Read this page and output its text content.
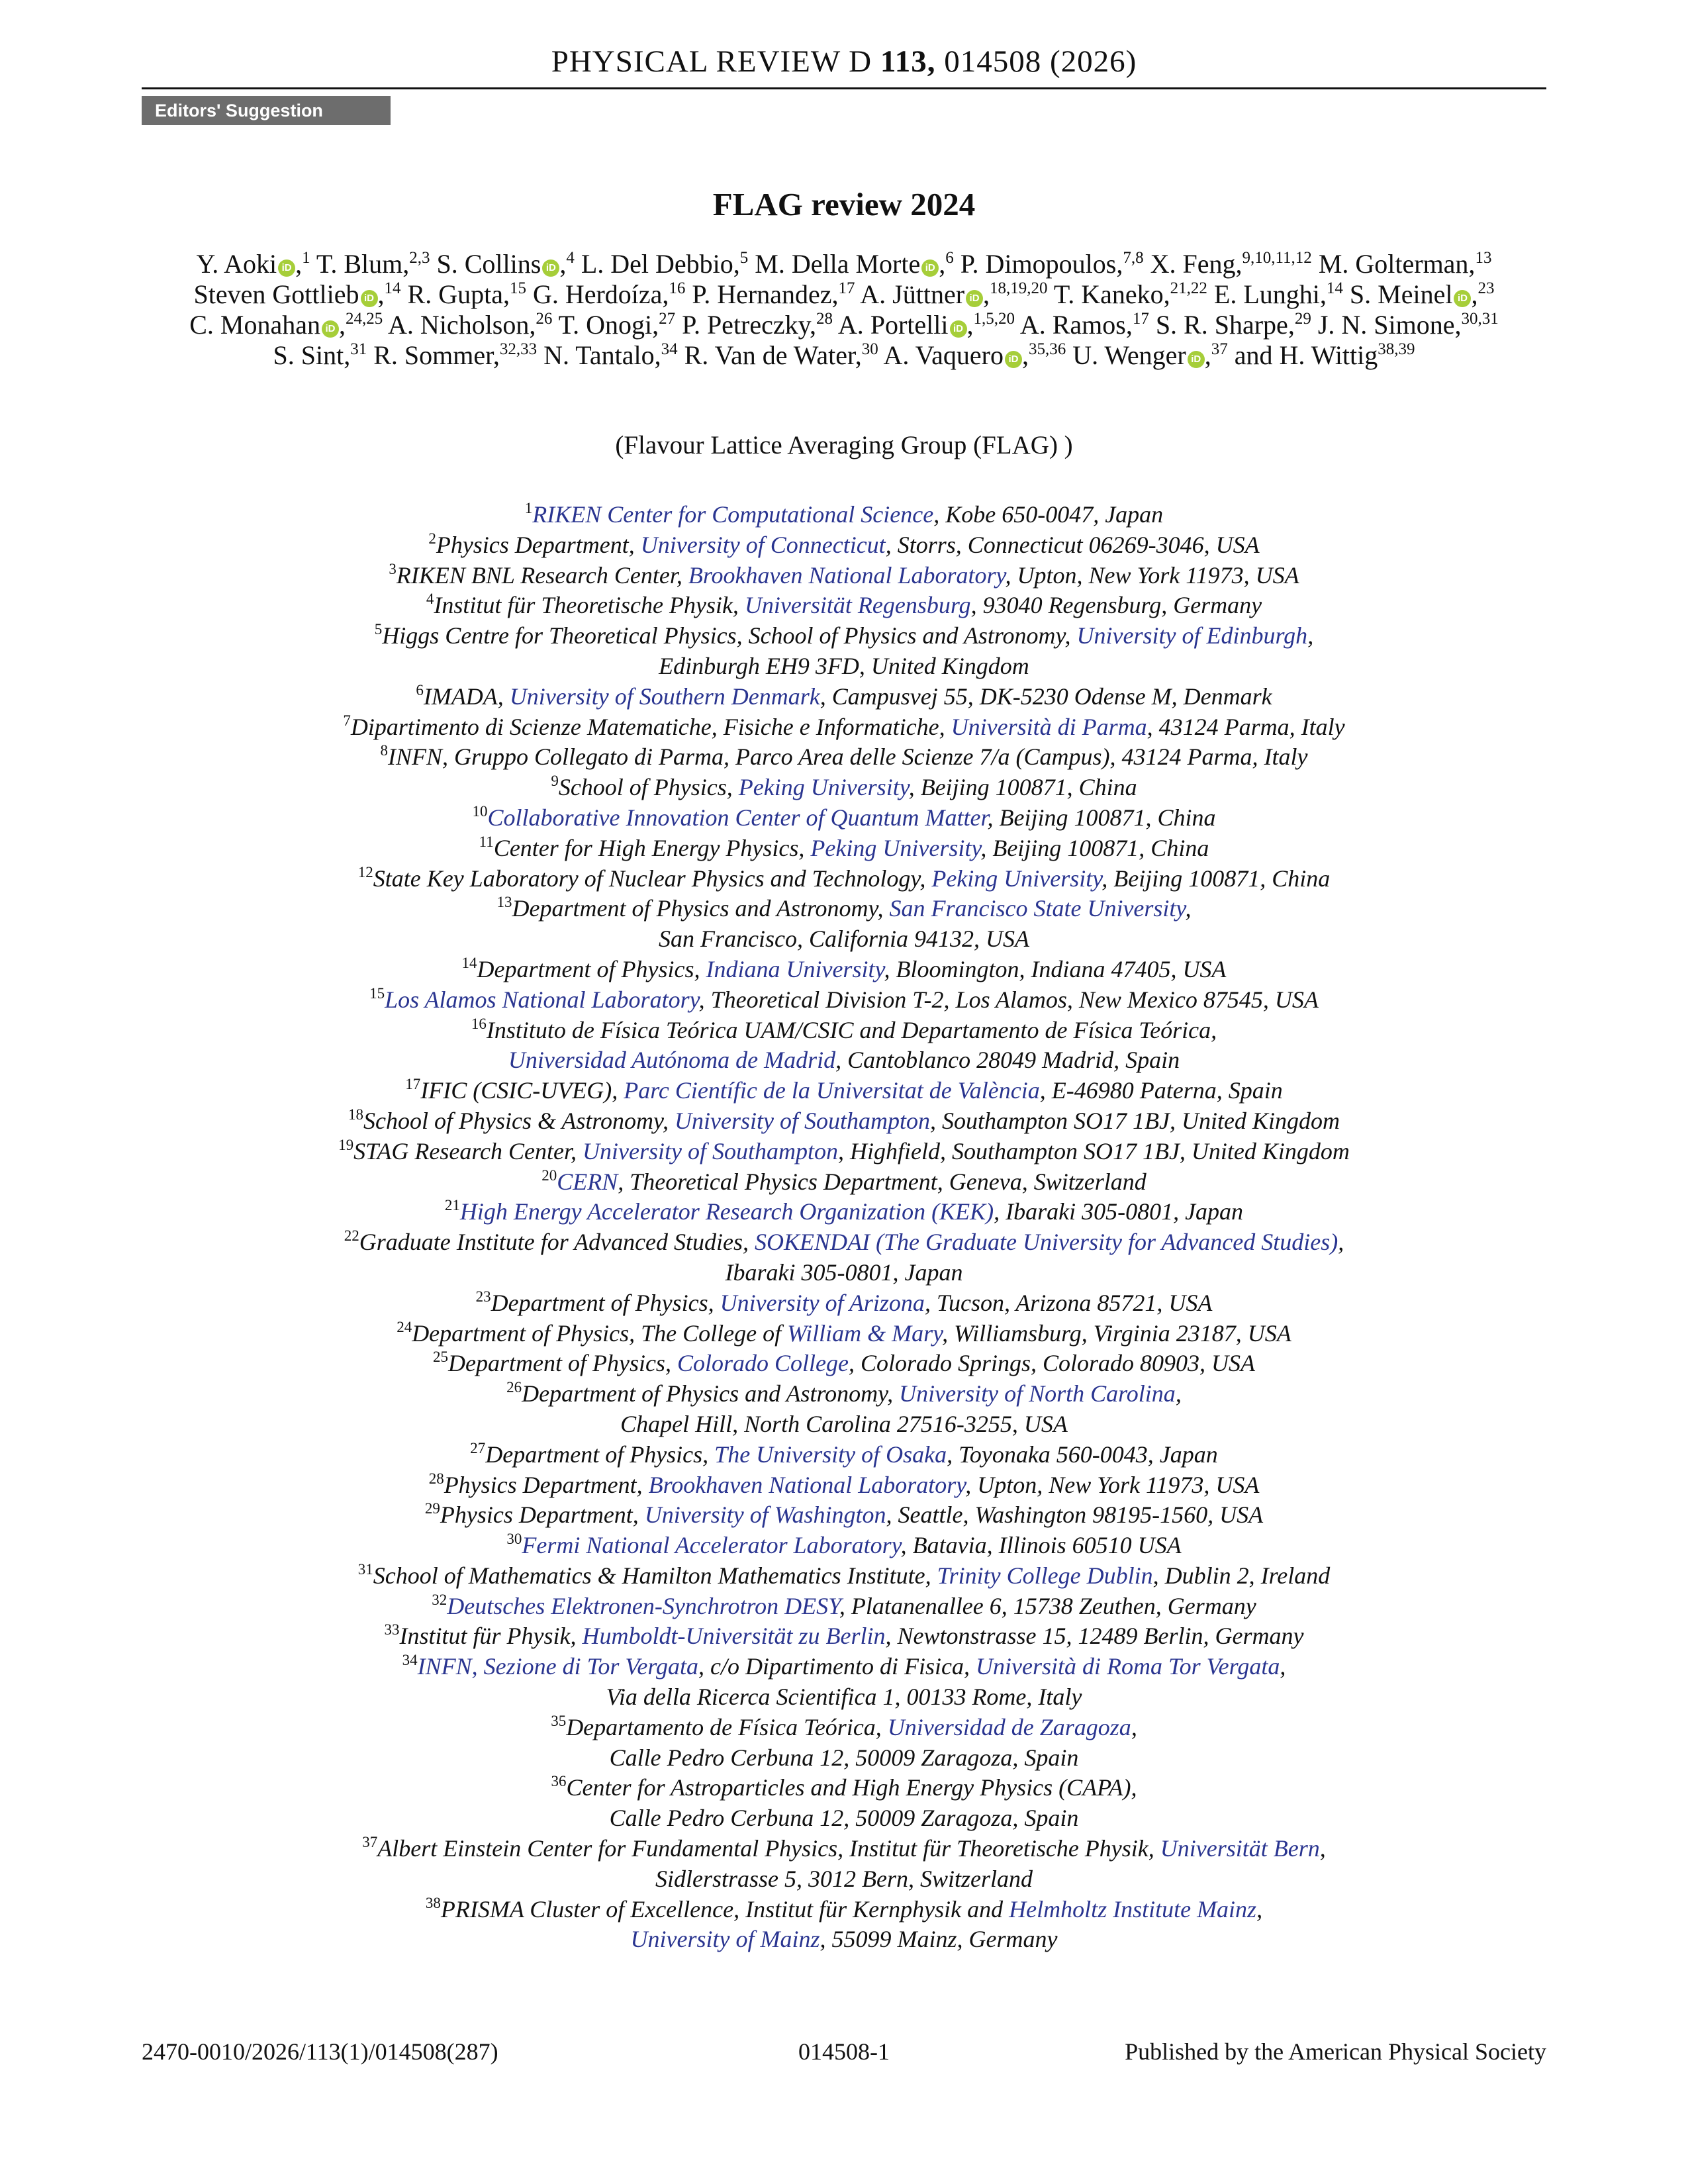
PHYSICAL REVIEW D 113, 014508 (2026)
Editors' Suggestion
FLAG review 2024
Y. Aoki iD ,$^1$ T. Blum,$^{2,3}$ S. Collins iD ,$^4$ L. Del Debbio,$^5$ M. Della Morte iD ,$^6$ P. Dimopoulos,$^{7,8}$ X. Feng,$^{9,10,11,12}$ M. Golterman,$^{13}$
Steven Gottlieb iD ,$^{14}$ R. Gupta,$^{15}$ G. Herdoíza,$^{16}$ P. Hernandez,$^{17}$ A. Jüttner iD ,$^{18,19,20}$ T. Kaneko,$^{21,22}$ E. Lunghi,$^{14}$ S. Meinel iD ,$^{23}$
C. Monahan iD ,$^{24,25}$ A. Nicholson,$^{26}$ T. Onogi,$^{27}$ P. Petreczky,$^{28}$ A. Portelli iD ,$^{1,5,20}$ A. Ramos,$^{17}$ S. R. Sharpe,$^{29}$ J. N. Simone,$^{30,31}$
S. Sint,$^{31}$ R. Sommer,$^{32,33}$ N. Tantalo,$^{34}$ R. Van de Water,$^{30}$ A. Vaquero iD ,$^{35,36}$ U. Wenger iD ,$^{37}$ and H. Wittig$^{38,39}$
(Flavour Lattice Averaging Group (FLAG) )
$^1$RIKEN Center for Computational Science, Kobe 650-0047, Japan
$^2$Physics Department, University of Connecticut, Storrs, Connecticut 06269-3046, USA
$^3$RIKEN BNL Research Center, Brookhaven National Laboratory, Upton, New York 11973, USA
$^4$Institut für Theoretische Physik, Universität Regensburg, 93040 Regensburg, Germany
$^5$Higgs Centre for Theoretical Physics, School of Physics and Astronomy, University of Edinburgh,
Edinburgh EH9 3FD, United Kingdom
$^6$IMADA, University of Southern Denmark, Campusvej 55, DK-5230 Odense M, Denmark
$^7$Dipartimento di Scienze Matematiche, Fisiche e Informatiche, Università di Parma, 43124 Parma, Italy
$^8$INFN, Gruppo Collegato di Parma, Parco Area delle Scienze 7/a (Campus), 43124 Parma, Italy
$^9$School of Physics, Peking University, Beijing 100871, China
$^{10}$Collaborative Innovation Center of Quantum Matter, Beijing 100871, China
$^{11}$Center for High Energy Physics, Peking University, Beijing 100871, China
$^{12}$State Key Laboratory of Nuclear Physics and Technology, Peking University, Beijing 100871, China
$^{13}$Department of Physics and Astronomy, San Francisco State University,
San Francisco, California 94132, USA
$^{14}$Department of Physics, Indiana University, Bloomington, Indiana 47405, USA
$^{15}$Los Alamos National Laboratory, Theoretical Division T-2, Los Alamos, New Mexico 87545, USA
$^{16}$Instituto de Física Teórica UAM/CSIC and Departamento de Física Teórica,
Universidad Autónoma de Madrid, Cantoblanco 28049 Madrid, Spain
$^{17}$IFIC (CSIC-UVEG), Parc Científic de la Universitat de València, E-46980 Paterna, Spain
$^{18}$School of Physics & Astronomy, University of Southampton, Southampton SO17 1BJ, United Kingdom
$^{19}$STAG Research Center, University of Southampton, Highfield, Southampton SO17 1BJ, United Kingdom
$^{20}$CERN, Theoretical Physics Department, Geneva, Switzerland
$^{21}$High Energy Accelerator Research Organization (KEK), Ibaraki 305-0801, Japan
$^{22}$Graduate Institute for Advanced Studies, SOKENDAI (The Graduate University for Advanced Studies),
Ibaraki 305-0801, Japan
$^{23}$Department of Physics, University of Arizona, Tucson, Arizona 85721, USA
$^{24}$Department of Physics, The College of William & Mary, Williamsburg, Virginia 23187, USA
$^{25}$Department of Physics, Colorado College, Colorado Springs, Colorado 80903, USA
$^{26}$Department of Physics and Astronomy, University of North Carolina,
Chapel Hill, North Carolina 27516-3255, USA
$^{27}$Department of Physics, The University of Osaka, Toyonaka 560-0043, Japan
$^{28}$Physics Department, Brookhaven National Laboratory, Upton, New York 11973, USA
$^{29}$Physics Department, University of Washington, Seattle, Washington 98195-1560, USA
$^{30}$Fermi National Accelerator Laboratory, Batavia, Illinois 60510 USA
$^{31}$School of Mathematics & Hamilton Mathematics Institute, Trinity College Dublin, Dublin 2, Ireland
$^{32}$Deutsches Elektronen-Synchrotron DESY, Platanenallee 6, 15738 Zeuthen, Germany
$^{33}$Institut für Physik, Humboldt-Universität zu Berlin, Newtonstrasse 15, 12489 Berlin, Germany
$^{34}$INFN, Sezione di Tor Vergata, c/o Dipartimento di Fisica, Università di Roma Tor Vergata,
Via della Ricerca Scientifica 1, 00133 Rome, Italy
$^{35}$Departamento de Física Teórica, Universidad de Zaragoza,
Calle Pedro Cerbuna 12, 50009 Zaragoza, Spain
$^{36}$Center for Astroparticles and High Energy Physics (CAPA),
Calle Pedro Cerbuna 12, 50009 Zaragoza, Spain
$^{37}$Albert Einstein Center for Fundamental Physics, Institut für Theoretische Physik, Universität Bern,
Sidlerstrasse 5, 3012 Bern, Switzerland
$^{38}$PRISMA Cluster of Excellence, Institut für Kernphysik and Helmholtz Institute Mainz,
University of Mainz, 55099 Mainz, Germany
2470-0010/2026/113(1)/014508(287)	014508-1	Published by the American Physical Society
